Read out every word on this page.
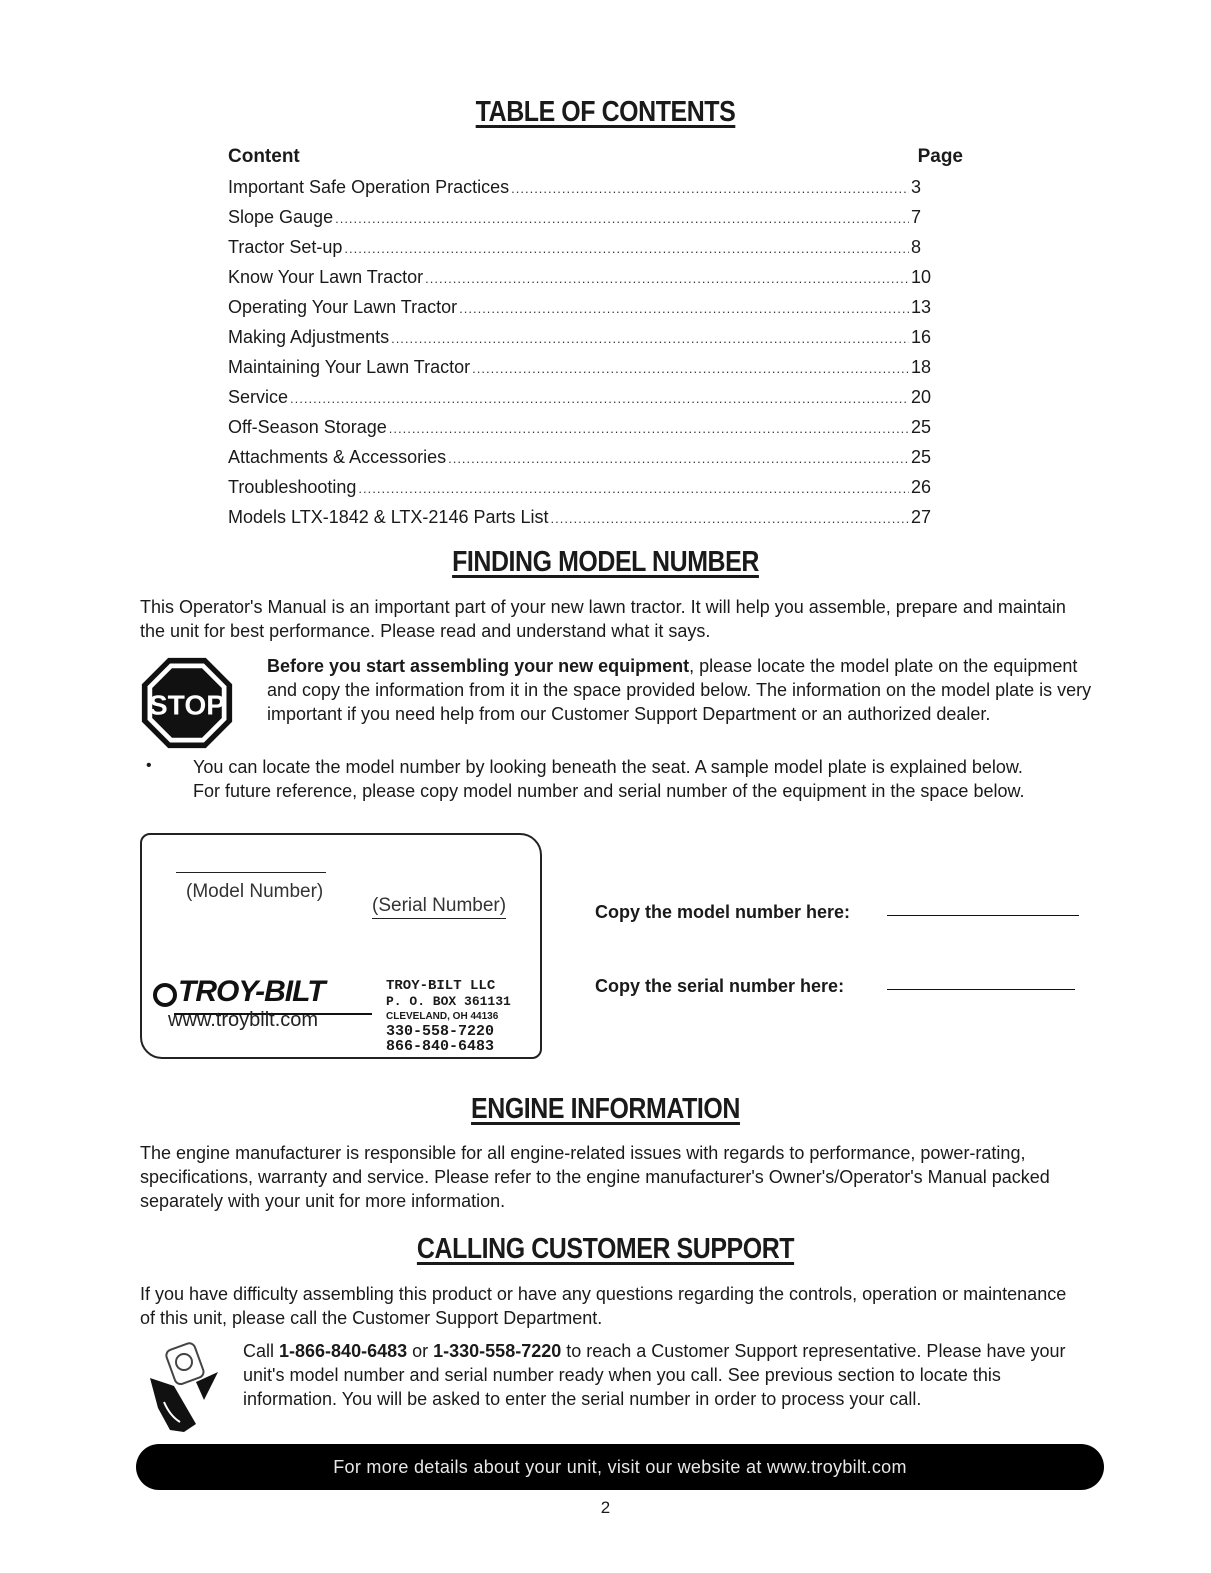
TABLE OF CONTENTS
Content	Page
Important Safe Operation Practices .....	3
Slope Gauge .....	7
Tractor Set-up .....	8
Know Your Lawn Tractor .....	10
Operating Your Lawn Tractor .....	13
Making Adjustments .....	16
Maintaining Your Lawn Tractor .....	18
Service .....	20
Off-Season Storage .....	25
Attachments & Accessories .....	25
Troubleshooting .....	26
Models LTX-1842 & LTX-2146 Parts List .....	27
FINDING MODEL NUMBER
This Operator's Manual is an important part of your new lawn tractor. It will help you assemble, prepare and maintain the unit for best performance. Please read and understand what it says.
STOP
Before you start assembling your new equipment, please locate the model plate on the equipment and copy the information from it in the space provided below. The information on the model plate is very important if you need help from our Customer Support Department or an authorized dealer.
• You can locate the model number by looking beneath the seat. A sample model plate is explained below. For future reference, please copy model number and serial number of the equipment in the space below.
(Model Number)
(Serial Number)
TROY-BILT
www.troybilt.com
TROY-BILT LLC
P. O. BOX 361131
CLEVELAND, OH 44136
330-558-7220
866-840-6483
Copy the model number here:
Copy the serial number here:
ENGINE INFORMATION
The engine manufacturer is responsible for all engine-related issues with regards to performance, power-rating, specifications, warranty and service. Please refer to the engine manufacturer's Owner's/Operator's Manual packed separately with your unit for more information.
CALLING CUSTOMER SUPPORT
If you have difficulty assembling this product or have any questions regarding the controls, operation or maintenance of this unit, please call the Customer Support Department.
Call 1-866-840-6483 or 1-330-558-7220 to reach a Customer Support representative. Please have your unit's model number and serial number ready when you call. See previous section to locate this information. You will be asked to enter the serial number in order to process your call.
For more details about your unit, visit our website at www.troybilt.com
2
